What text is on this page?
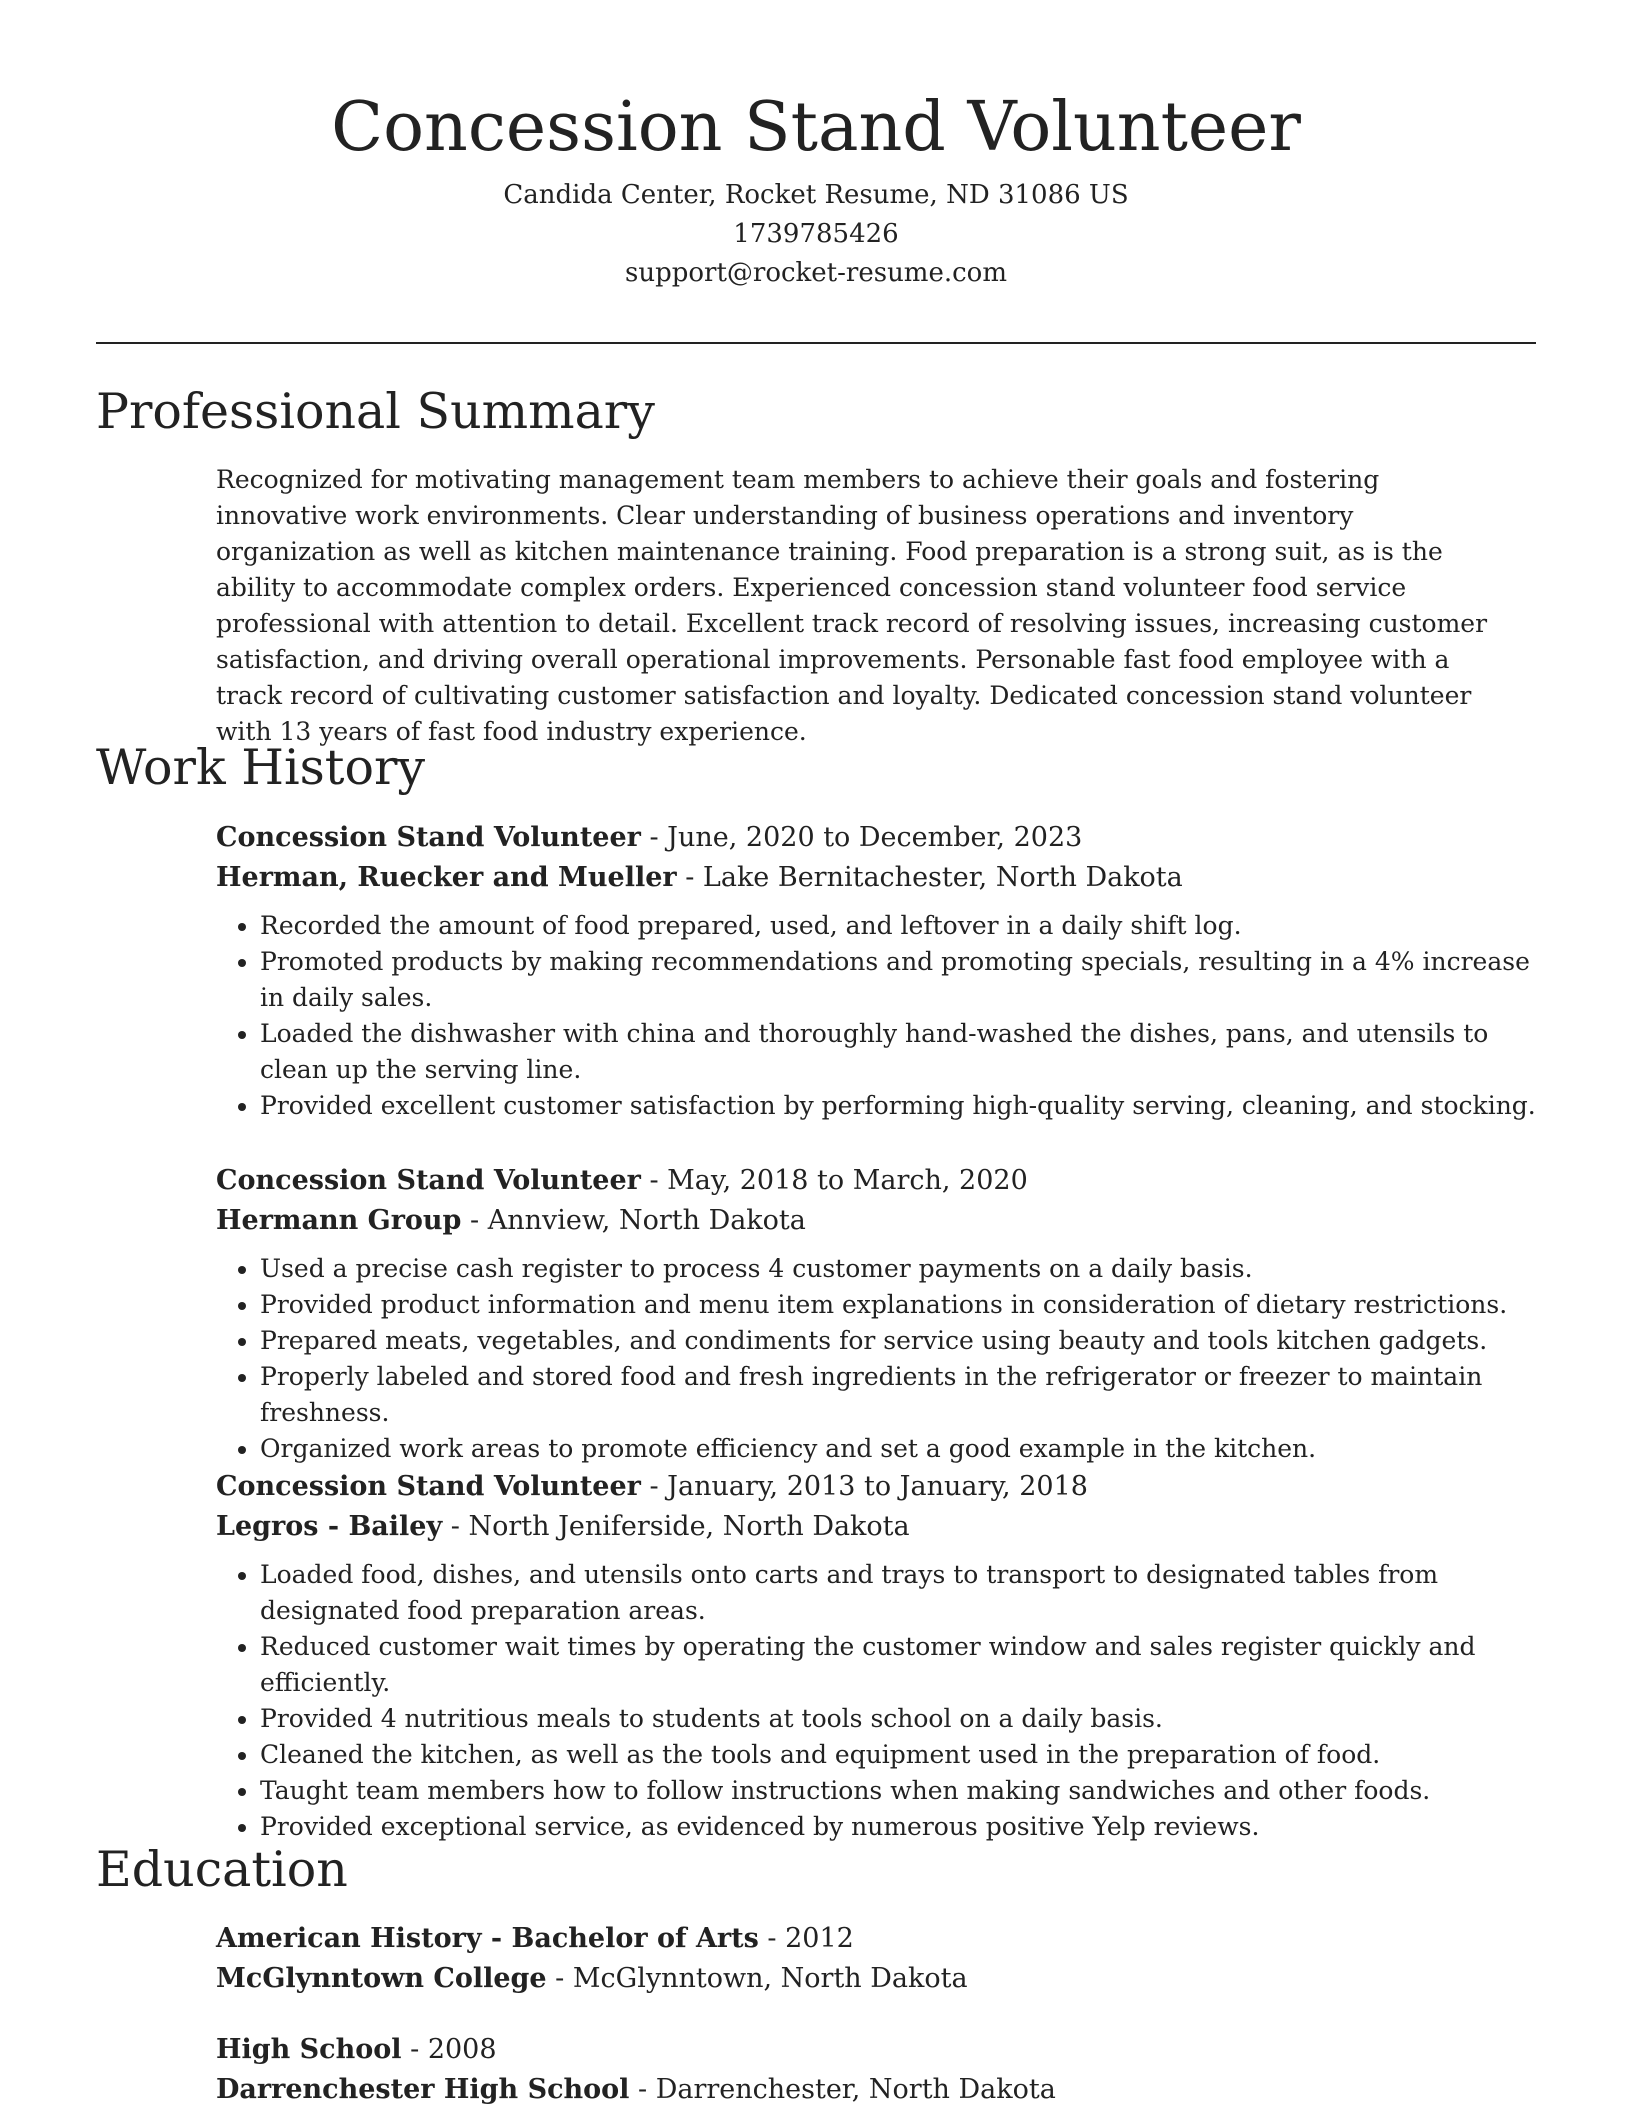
Concession Stand Volunteer
Candida Center, Rocket Resume, ND 31086 US
1739785426
support@rocket-resume.com
Professional Summary
Recognized for motivating management team members to achieve their goals and fostering innovative work environments. Clear understanding of business operations and inventory organization as well as kitchen maintenance training. Food preparation is a strong suit, as is the ability to accommodate complex orders. Experienced concession stand volunteer food service professional with attention to detail. Excellent track record of resolving issues, increasing customer satisfaction, and driving overall operational improvements. Personable fast food employee with a track record of cultivating customer satisfaction and loyalty. Dedicated concession stand volunteer with 13 years of fast food industry experience.
Work History
Concession Stand Volunteer - June, 2020 to December, 2023
Herman, Ruecker and Mueller - Lake Bernitachester, North Dakota
• Recorded the amount of food prepared, used, and leftover in a daily shift log.
• Promoted products by making recommendations and promoting specials, resulting in a 4% increase in daily sales.
• Loaded the dishwasher with china and thoroughly hand-washed the dishes, pans, and utensils to clean up the serving line.
• Provided excellent customer satisfaction by performing high-quality serving, cleaning, and stocking.
Concession Stand Volunteer - May, 2018 to March, 2020
Hermann Group - Annview, North Dakota
• Used a precise cash register to process 4 customer payments on a daily basis.
• Provided product information and menu item explanations in consideration of dietary restrictions.
• Prepared meats, vegetables, and condiments for service using beauty and tools kitchen gadgets.
• Properly labeled and stored food and fresh ingredients in the refrigerator or freezer to maintain freshness.
• Organized work areas to promote efficiency and set a good example in the kitchen.
Concession Stand Volunteer - January, 2013 to January, 2018
Legros - Bailey - North Jeniferside, North Dakota
• Loaded food, dishes, and utensils onto carts and trays to transport to designated tables from designated food preparation areas.
• Reduced customer wait times by operating the customer window and sales register quickly and efficiently.
• Provided 4 nutritious meals to students at tools school on a daily basis.
• Cleaned the kitchen, as well as the tools and equipment used in the preparation of food.
• Taught team members how to follow instructions when making sandwiches and other foods.
• Provided exceptional service, as evidenced by numerous positive Yelp reviews.
Education
American History - Bachelor of Arts - 2012
McGlynntown College - McGlynntown, North Dakota
High School - 2008
Darrenchester High School - Darrenchester, North Dakota
